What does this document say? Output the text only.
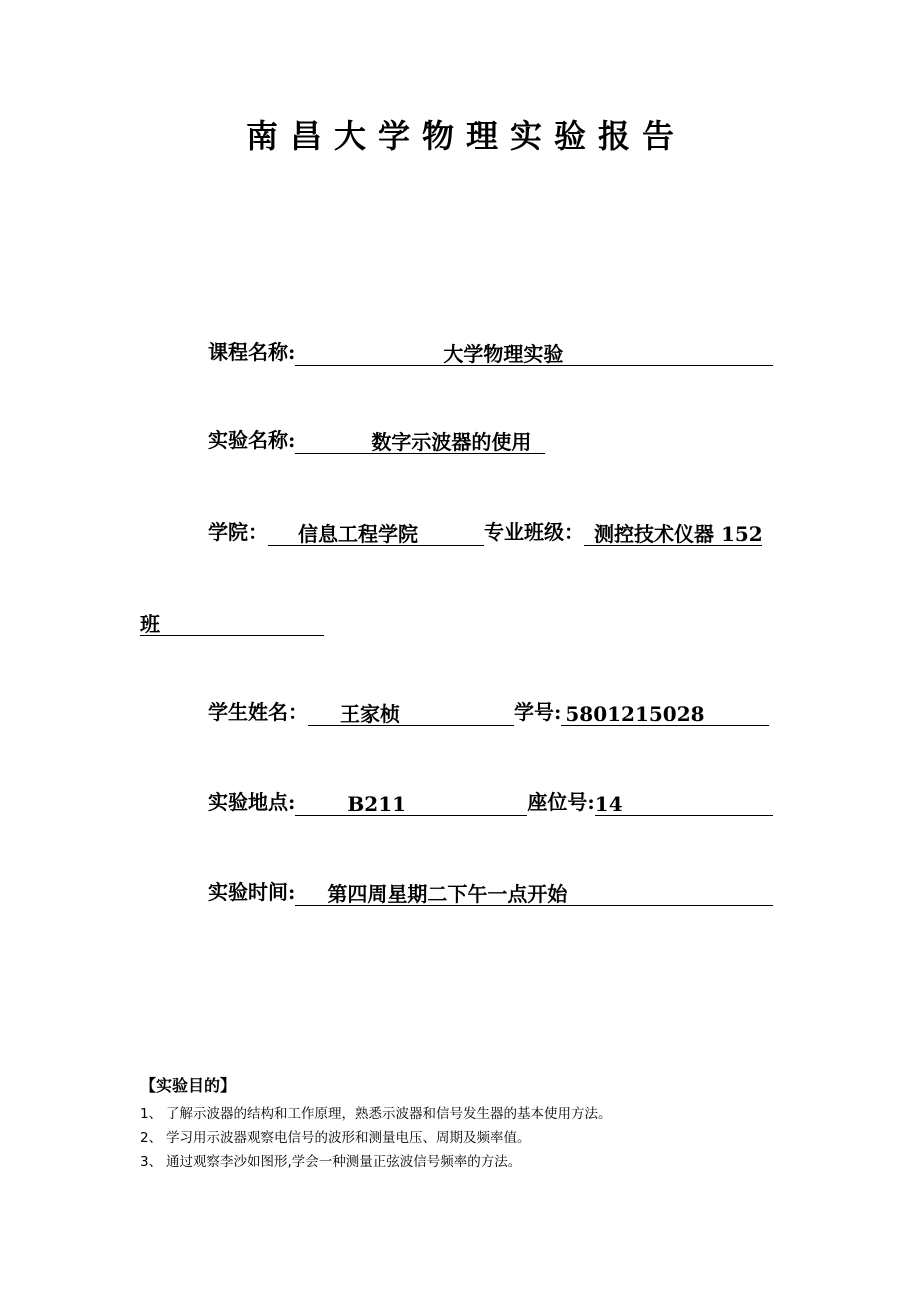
南昌大学物理实验报告
课程名称:	大学物理实验
实验名称:	数字示波器的使用
学院： 信息工程学院	专业班级： 测控技术仪器 152
班
学生姓名： 王家桢	学号: 5801215028
实验地点:	B211	座位号:14
实验时间: 第四周星期二下午一点开始
【实验目的】
1、 了解示波器的结构和工作原理，熟悉示波器和信号发生器的基本使用方法。
2、 学习用示波器观察电信号的波形和测量电压、周期及频率值。
3、 通过观察李沙如图形,学会一种测量正弦波信号频率的方法。
